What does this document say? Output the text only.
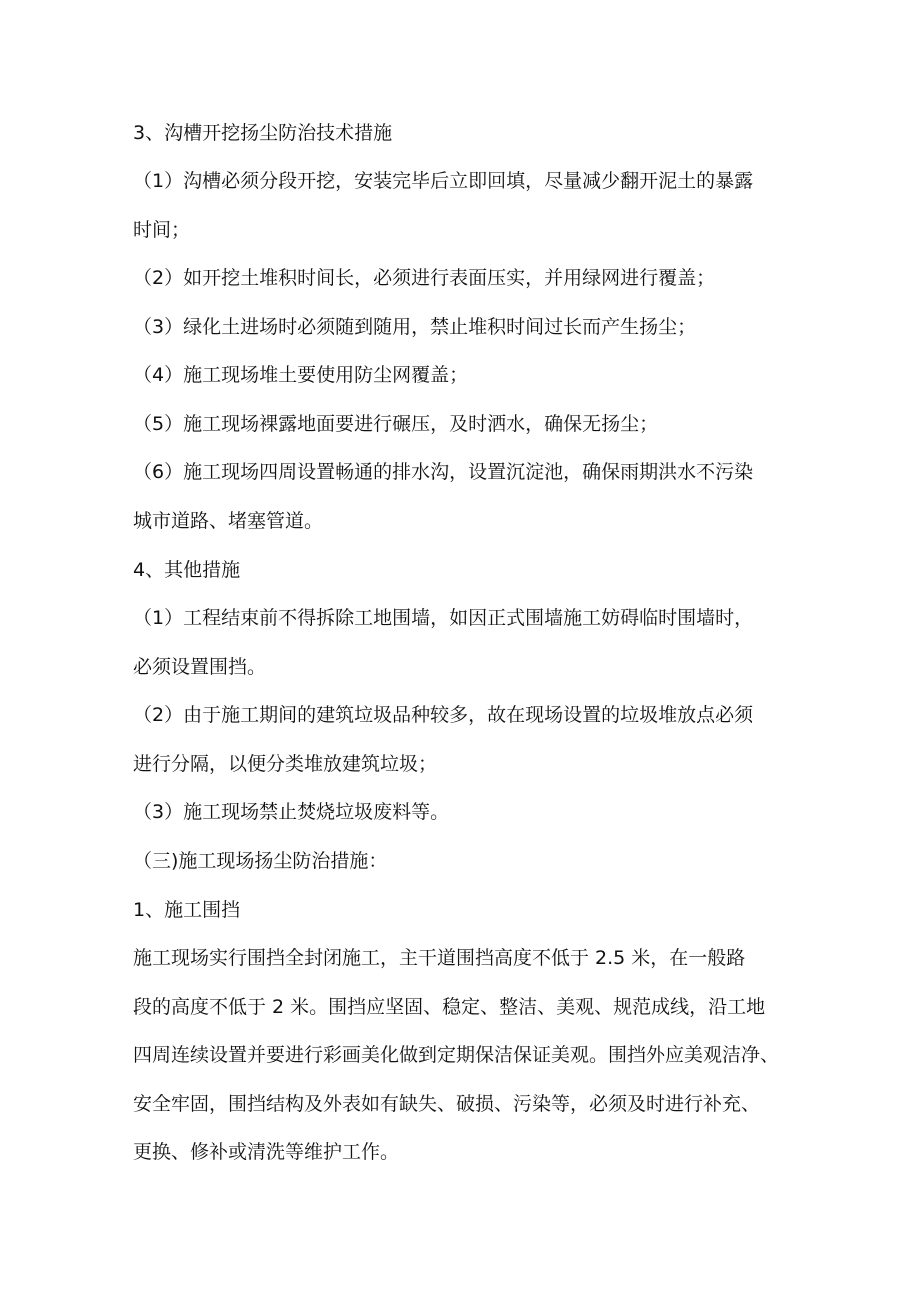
3、沟槽开挖扬尘防治技术措施
（1）沟槽必须分段开挖，安装完毕后立即回填，尽量减少翻开泥土的暴露
时间；
（2）如开挖土堆积时间长，必须进行表面压实，并用绿网进行覆盖；
（3）绿化土进场时必须随到随用，禁止堆积时间过长而产生扬尘；
（4）施工现场堆土要使用防尘网覆盖；
（5）施工现场裸露地面要进行碾压，及时洒水，确保无扬尘；
（6）施工现场四周设置畅通的排水沟，设置沉淀池，确保雨期洪水不污染
城市道路、堵塞管道。
4、其他措施
（1）工程结束前不得拆除工地围墙，如因正式围墙施工妨碍临时围墙时，
必须设置围挡。
（2）由于施工期间的建筑垃圾品种较多，故在现场设置的垃圾堆放点必须
进行分隔，以便分类堆放建筑垃圾；
（3）施工现场禁止焚烧垃圾废料等。
（三)施工现场扬尘防治措施：
1、施工围挡
施工现场实行围挡全封闭施工，主干道围挡高度不低于 2.5 米，在一般路
段的高度不低于 2 米。围挡应坚固、稳定、整洁、美观、规范成线，沿工地
四周连续设置并要进行彩画美化做到定期保洁保证美观。围挡外应美观洁净、
安全牢固，围挡结构及外表如有缺失、破损、污染等，必须及时进行补充、
更换、修补或清洗等维护工作。
